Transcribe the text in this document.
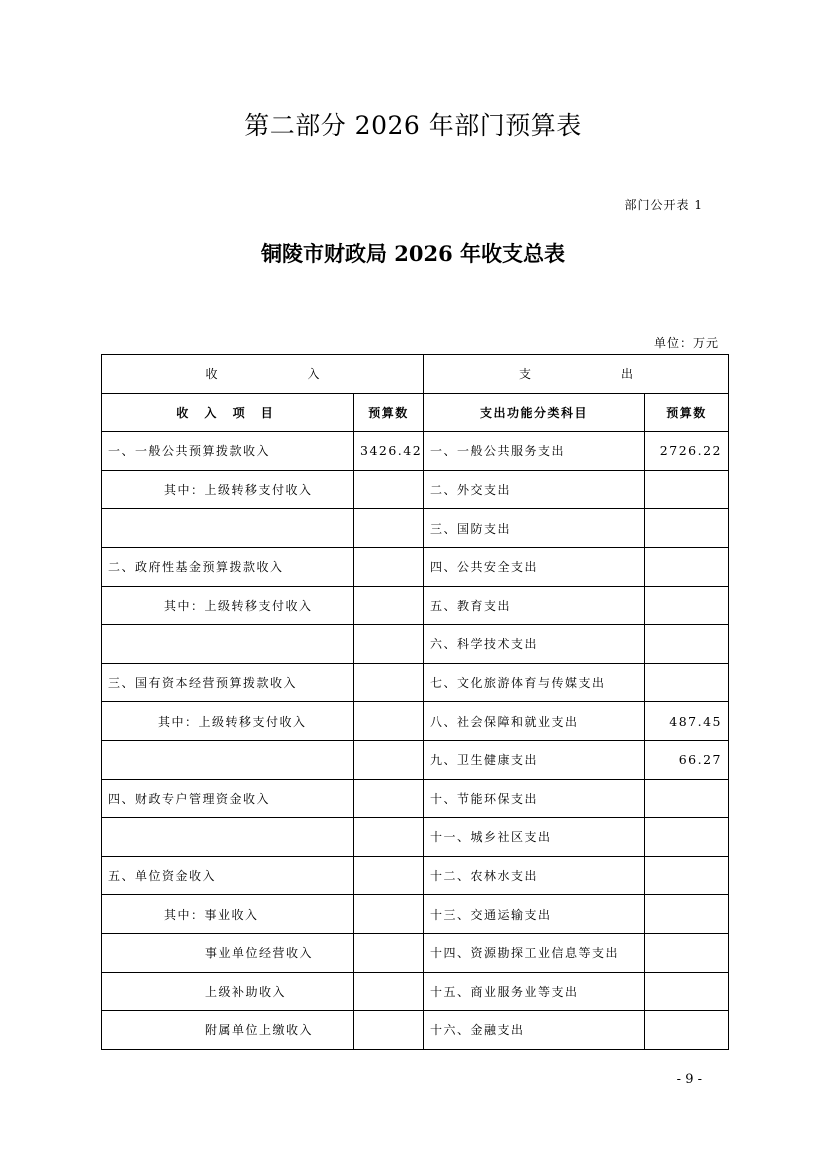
第二部分 2026 年部门预算表
部门公开表 1
铜陵市财政局 2026 年收支总表
单位：万元
收 入		支 出	
收 入 项 目	预算数	支出功能分类科目	预算数
一、一般公共预算拨款收入	3426.42	一、一般公共服务支出	2726.22
其中：上级转移支付收入		二、外交支出	
		三、国防支出	
二、政府性基金预算拨款收入		四、公共安全支出	
其中：上级转移支付收入		五、教育支出	
		六、科学技术支出	
三、国有资本经营预算拨款收入		七、文化旅游体育与传媒支出	
其中：上级转移支付收入		八、社会保障和就业支出	487.45
		九、卫生健康支出	66.27
四、财政专户管理资金收入		十、节能环保支出	
		十一、城乡社区支出	
五、单位资金收入		十二、农林水支出	
其中：事业收入		十三、交通运输支出	
事业单位经营收入		十四、资源勘探工业信息等支出	
上级补助收入		十五、商业服务业等支出	
附属单位上缴收入		十六、金融支出	
- 9 -
